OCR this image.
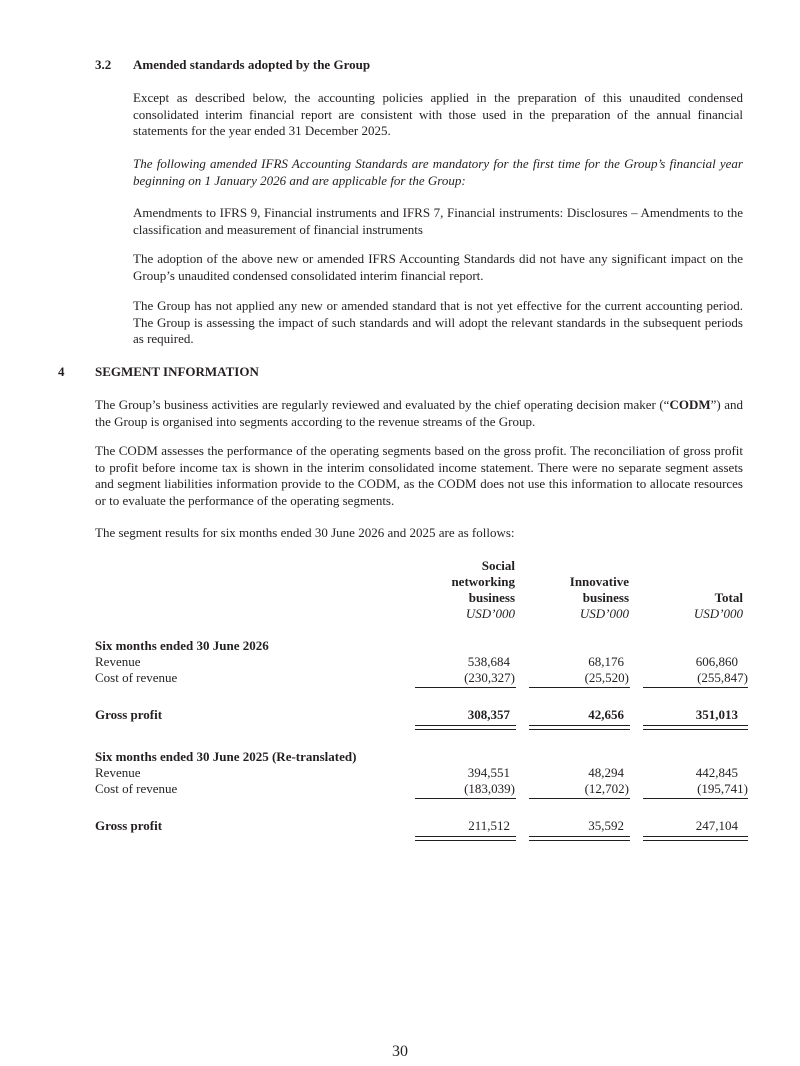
3.2 Amended standards adopted by the Group
Except as described below, the accounting policies applied in the preparation of this unaudited condensed consolidated interim financial report are consistent with those used in the preparation of the annual financial statements for the year ended 31 December 2025.
The following amended IFRS Accounting Standards are mandatory for the first time for the Group’s financial year beginning on 1 January 2026 and are applicable for the Group:
Amendments to IFRS 9, Financial instruments and IFRS 7, Financial instruments: Disclosures – Amendments to the classification and measurement of financial instruments
The adoption of the above new or amended IFRS Accounting Standards did not have any significant impact on the Group’s unaudited condensed consolidated interim financial report.
The Group has not applied any new or amended standard that is not yet effective for the current accounting period. The Group is assessing the impact of such standards and will adopt the relevant standards in the subsequent periods as required.
4 SEGMENT INFORMATION
The Group’s business activities are regularly reviewed and evaluated by the chief operating decision maker (“CODM”) and the Group is organised into segments according to the revenue streams of the Group.
The CODM assesses the performance of the operating segments based on the gross profit. The reconciliation of gross profit to profit before income tax is shown in the interim consolidated income statement. There were no separate segment assets and segment liabilities information provide to the CODM, as the CODM does not use this information to allocate resources or to evaluate the performance of the operating segments.
The segment results for six months ended 30 June 2026 and 2025 are as follows:
Social
networking
business
USD’000
Innovative
business
USD’000
Total
USD’000
Six months ended 30 June 2026
Revenue	538,684	68,176	606,860
Cost of revenue	(230,327)	(25,520)	(255,847)
Gross profit	308,357	42,656	351,013
Six months ended 30 June 2025 (Re-translated)
Revenue	394,551	48,294	442,845
Cost of revenue	(183,039)	(12,702)	(195,741)
Gross profit	211,512	35,592	247,104
30
